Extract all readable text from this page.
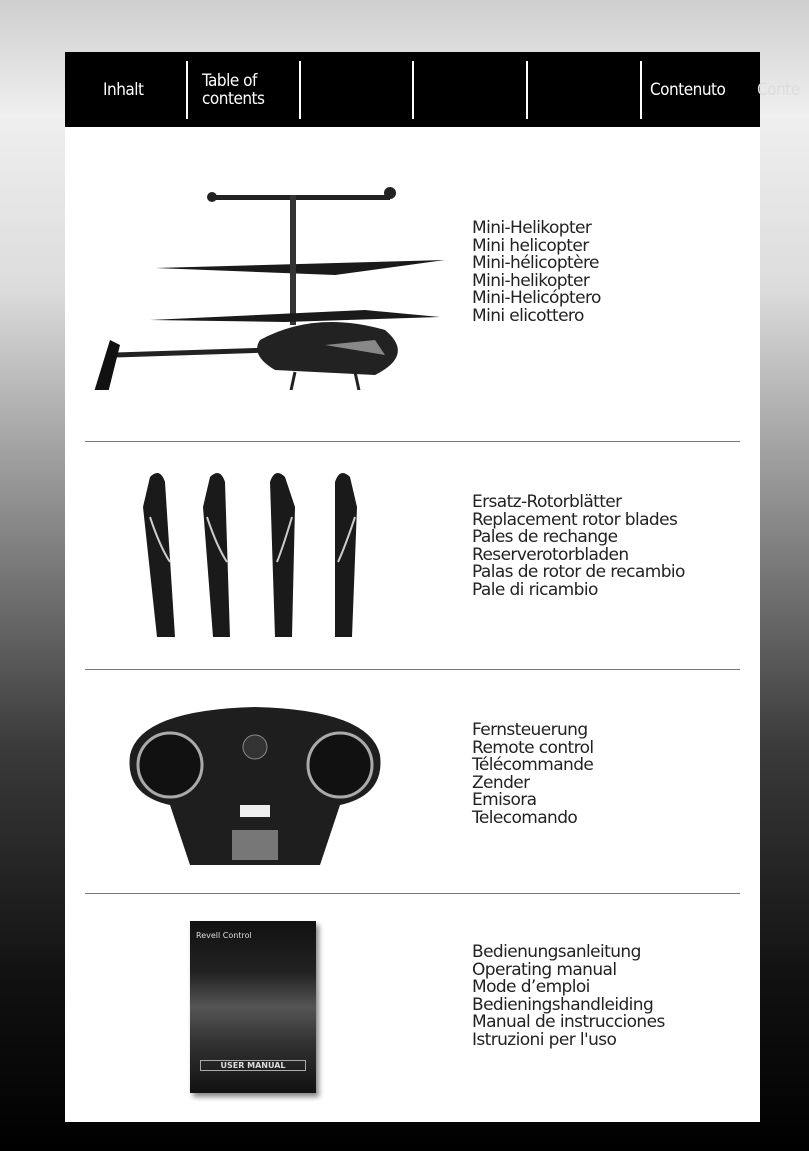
Inhalt	Table of contents	Contenuto Conte
Mini-Helikopter
Mini helicopter
Mini-hélicoptère
Mini-helikopter
Mini-Helicóptero
Mini elicottero
Ersatz-Rotorblätter
Replacement rotor blades
Pales de rechange
Reserverotorbladen
Palas de rotor de recambio
Pale di ricambio
Fernsteuerung
Remote control
Télécommande
Zender
Emisora
Telecomando
Revell Control
USER MANUAL
Bedienungsanleitung
Operating manual
Mode d’emploi
Bedieningshandleiding
Manual de instrucciones
Istruzioni per l'uso
